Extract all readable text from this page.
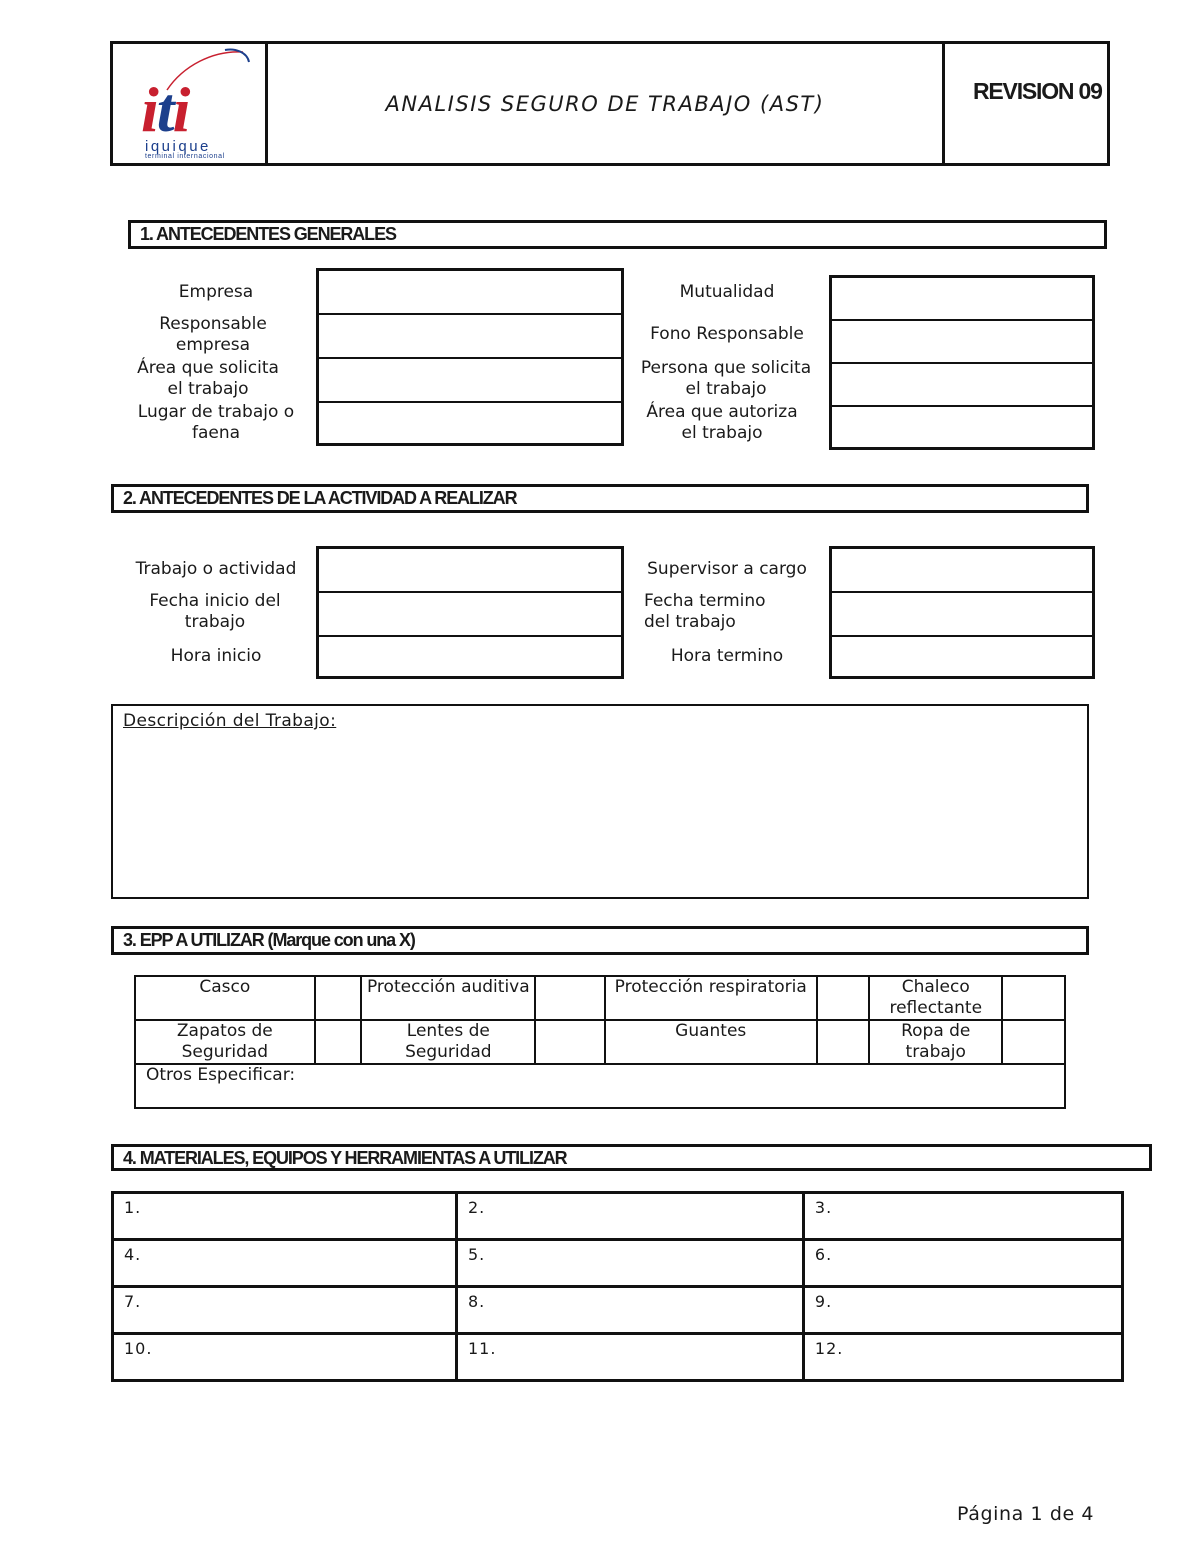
iti
iquique
terminal internacional
ANALISIS SEGURO DE TRABAJO (AST)	REVISION 09
1. ANTECEDENTES GENERALES
Empresa
Responsable empresa
Área que solicita el trabajo
Lugar de trabajo o faena
Mutualidad
Fono Responsable
Persona que solicita el trabajo
Área que autoriza el trabajo
2. ANTECEDENTES DE LA ACTIVIDAD A REALIZAR
Trabajo o actividad
Fecha inicio del trabajo
Hora inicio
Supervisor a cargo
Fecha termino del trabajo
Hora termino
Descripción del Trabajo:
3. EPP A UTILIZAR (Marque con una X)
Casco		Protección auditiva		Protección respiratoria		Chaleco reflectante	
Zapatos de Seguridad		Lentes de Seguridad		Guantes		Ropa de trabajo	
Otros Especificar:							
4. MATERIALES, EQUIPOS Y HERRAMIENTAS A UTILIZAR
1.	2.	3.
4.	5.	6.
7.	8.	9.
10.	11.	12.
Página 1 de 4
